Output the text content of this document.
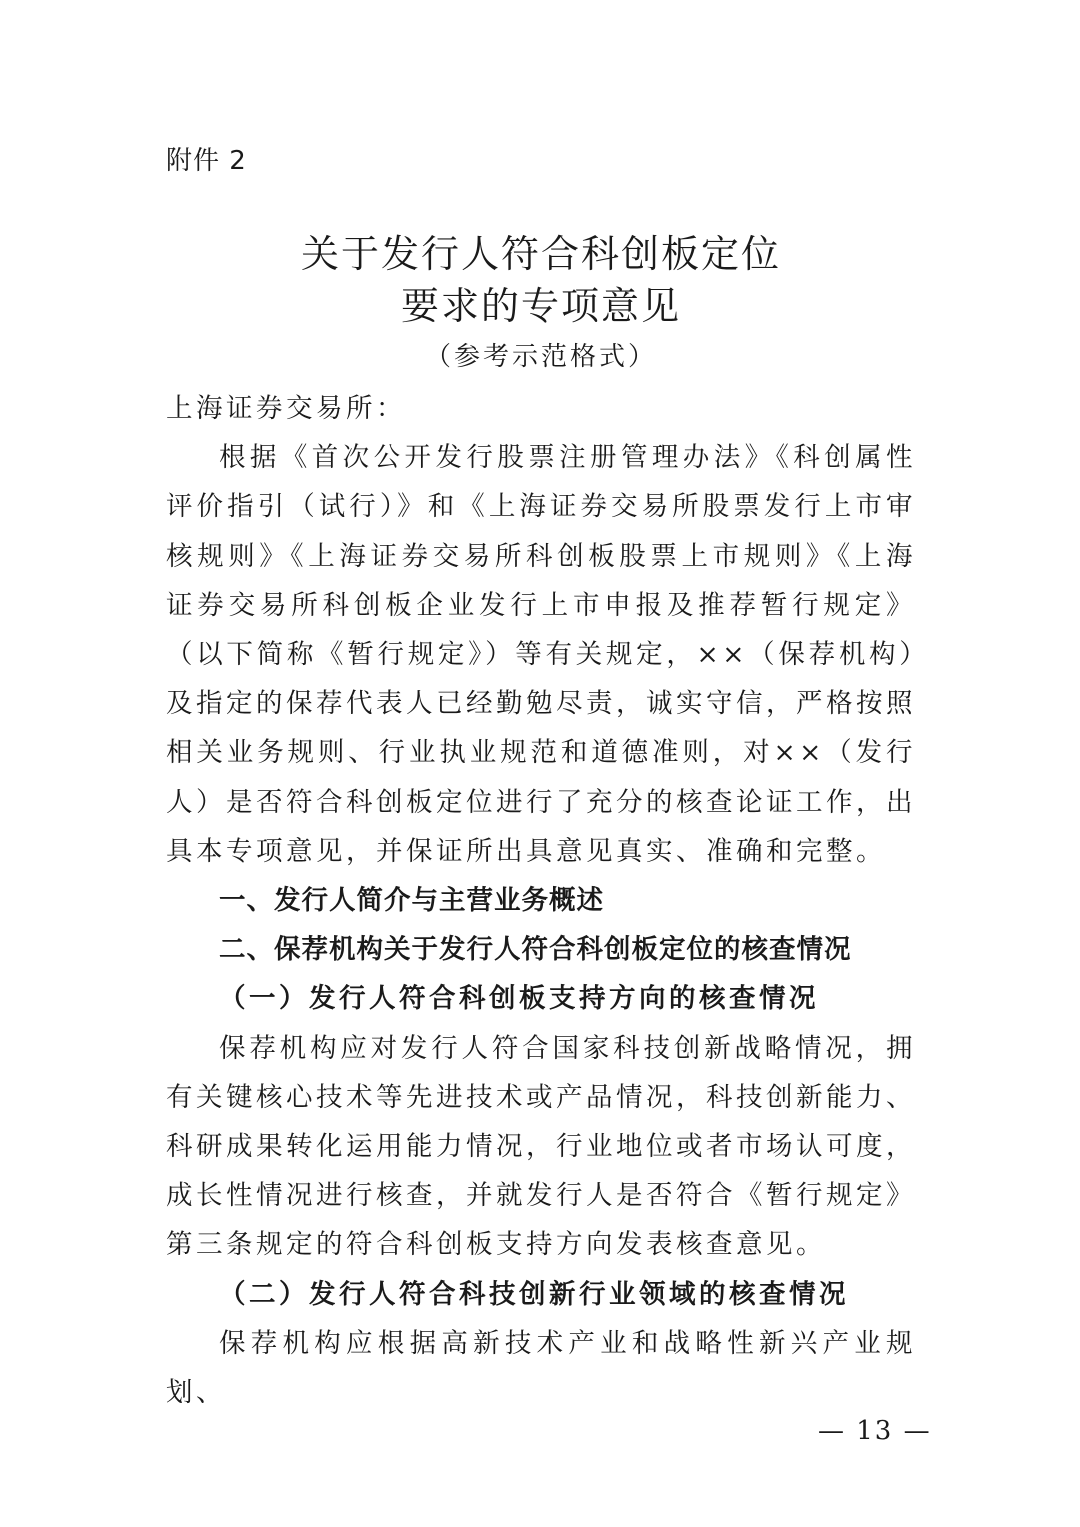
附件 2
关于发行人符合科创板定位
要求的专项意见
（参考示范格式）

上海证券交易所：

根据《首次公开发行股票注册管理办法》《科创属性评价指引（试行）》和《上海证券交易所股票发行上市审核规则》《上海证券交易所科创板股票上市规则》《上海证券交易所科创板企业发行上市申报及推荐暂行规定》（以下简称《暂行规定》）等有关规定，××（保荐机构）及指定的保荐代表人已经勤勉尽责，诚实守信，严格按照相关业务规则、行业执业规范和道德准则，对××（发行人）是否符合科创板定位进行了充分的核查论证工作，出具本专项意见，并保证所出具意见真实、准确和完整。

一、发行人简介与主营业务概述

二、保荐机构关于发行人符合科创板定位的核查情况

（一）发行人符合科创板支持方向的核查情况

保荐机构应对发行人符合国家科技创新战略情况，拥有关键核心技术等先进技术或产品情况，科技创新能力、科研成果转化运用能力情况，行业地位或者市场认可度，成长性情况进行核查，并就发行人是否符合《暂行规定》第三条规定的符合科创板支持方向发表核查意见。

（二）发行人符合科技创新行业领域的核查情况

保荐机构应根据高新技术产业和战略性新兴产业规划、

— 13 —
